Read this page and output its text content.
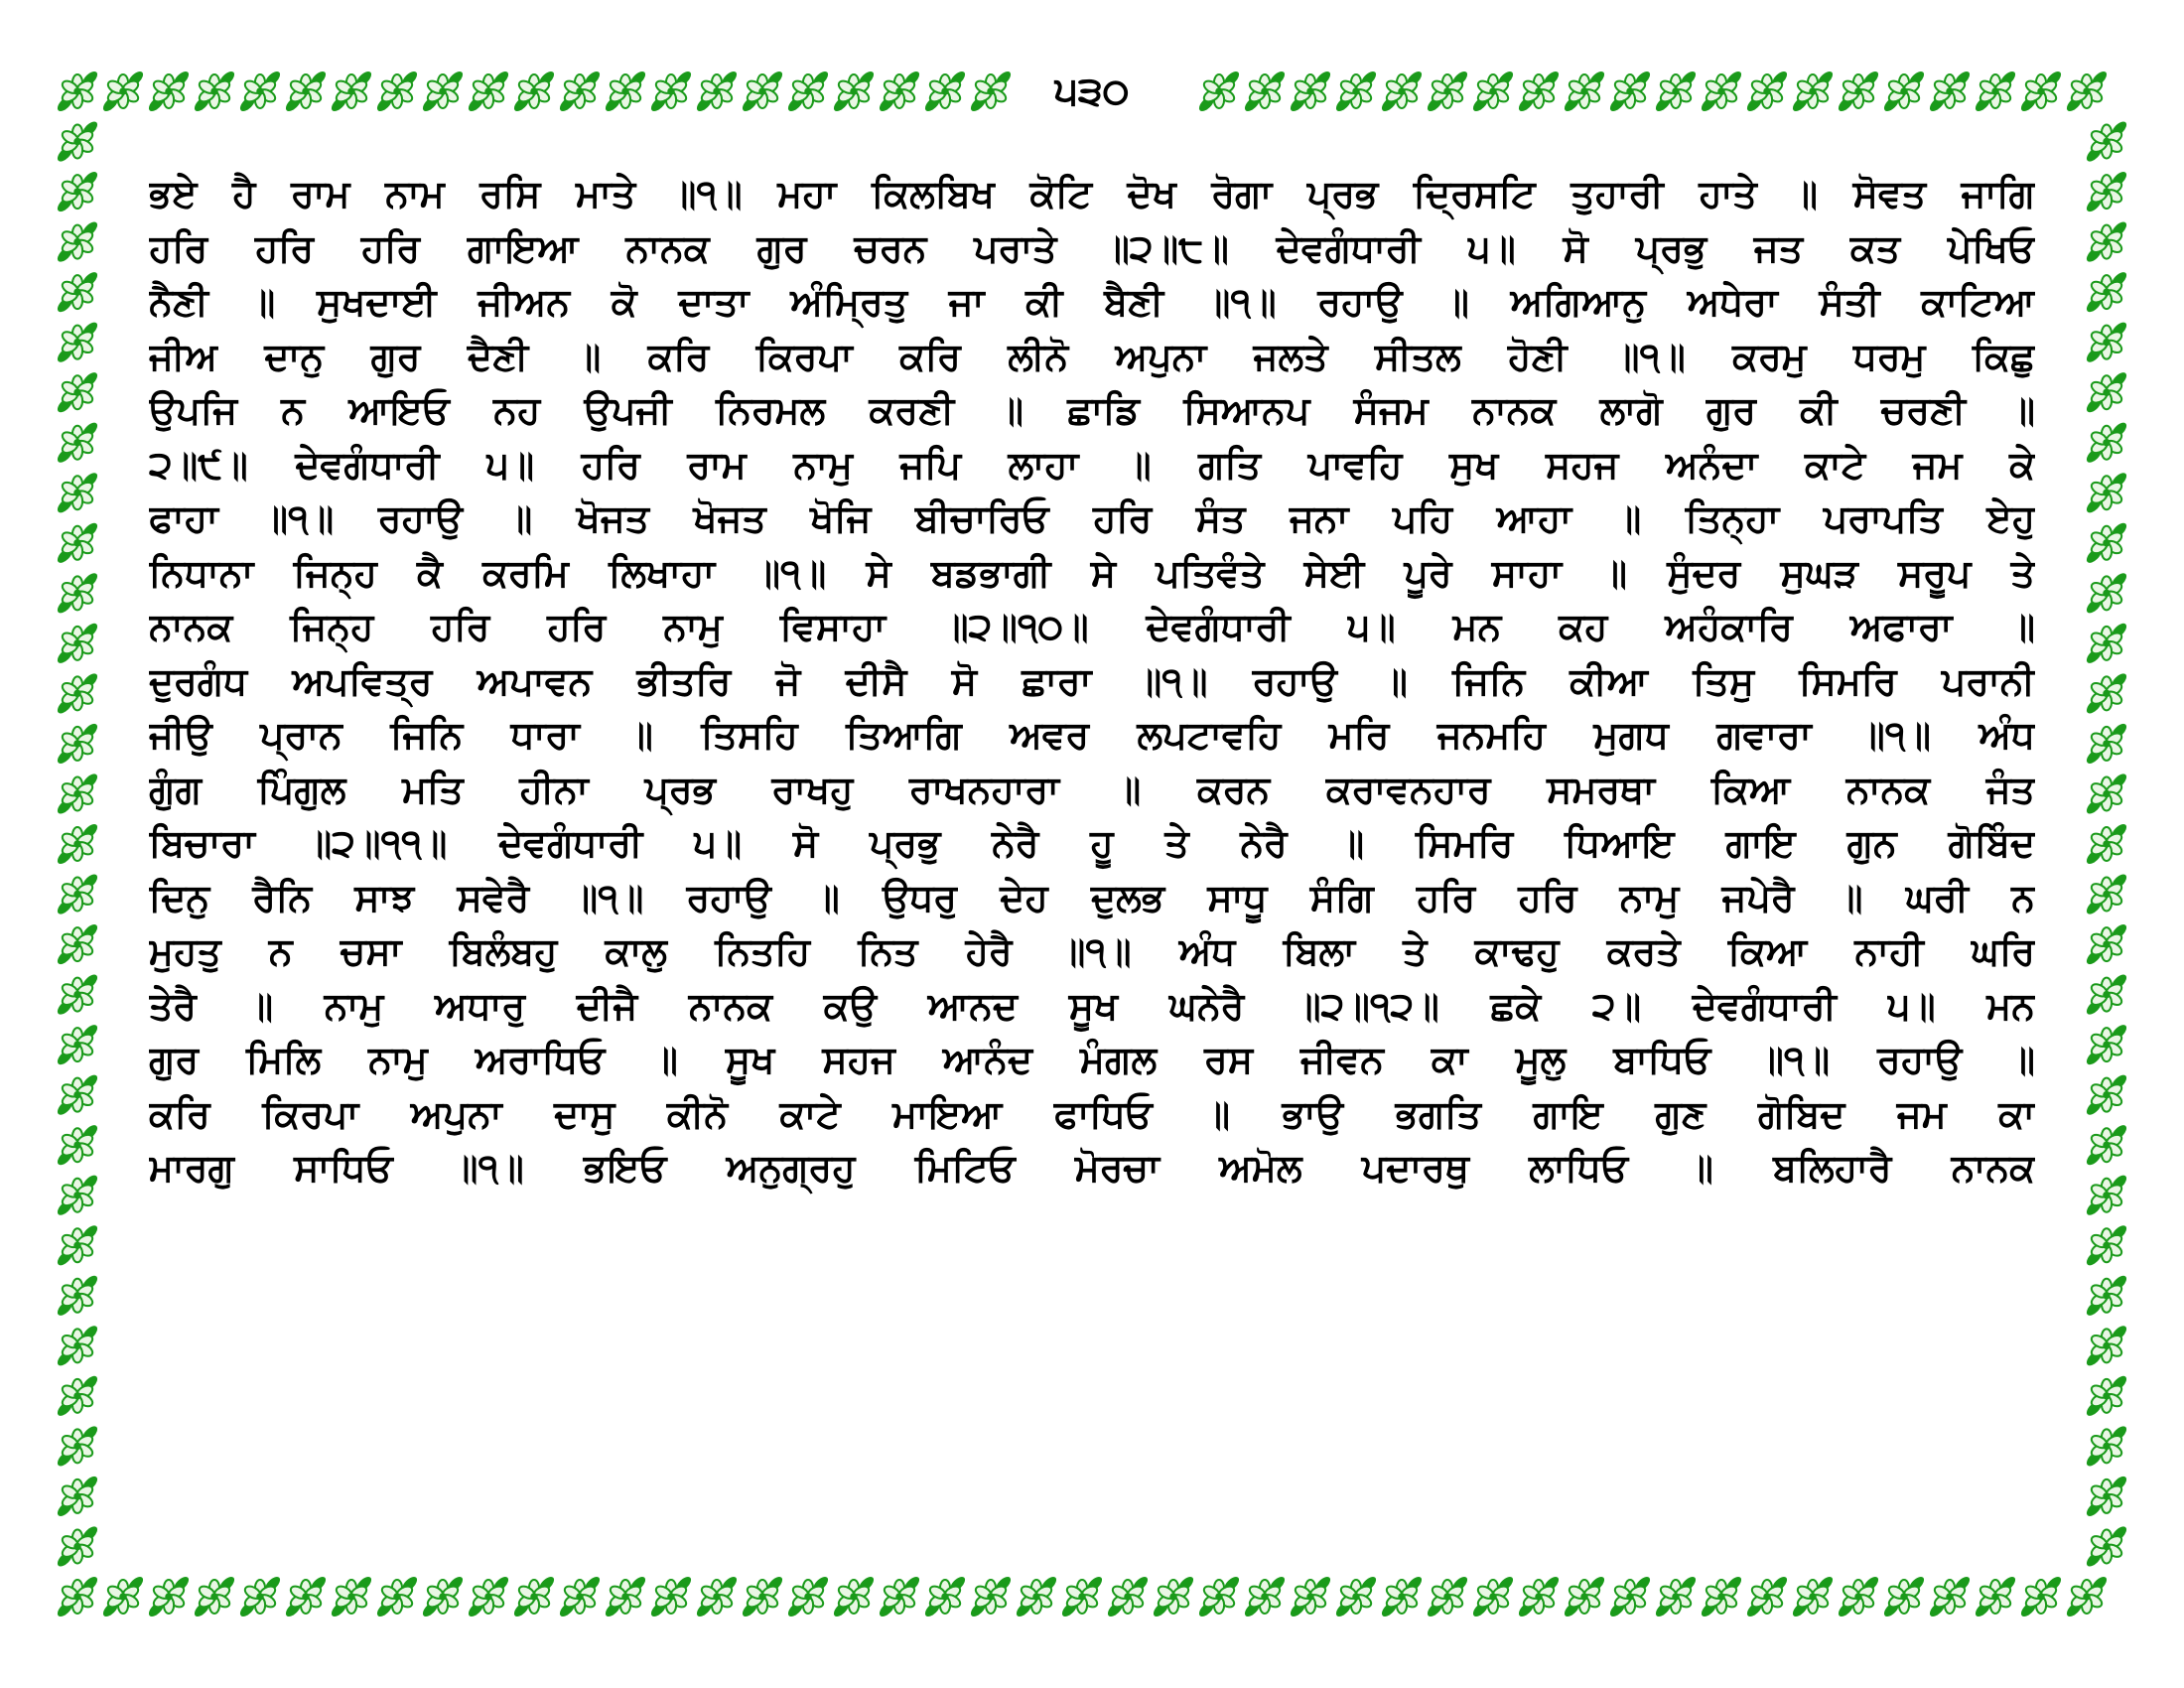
੫੩੦
ਭਏ ਹੈ ਰਾਮ ਨਾਮ ਰਸਿ ਮਾਤੇ ॥੧॥ ਮਹਾ ਕਿਲਬਿਖ ਕੋਟਿ ਦੋਖ ਰੋਗਾ ਪ੍ਰਭ ਦ੍ਰਿਸਟਿ ਤੁਹਾਰੀ ਹਾਤੇ ॥ ਸੋਵਤ ਜਾਗਿ
ਹਰਿ ਹਰਿ ਹਰਿ ਗਾਇਆ ਨਾਨਕ ਗੁਰ ਚਰਨ ਪਰਾਤੇ ॥੨॥੮॥ ਦੇਵਗੰਧਾਰੀ ੫॥ ਸੋ ਪ੍ਰਭੁ ਜਤ ਕਤ ਪੇਖਿਓ
ਨੈਣੀ ॥ ਸੁਖਦਾਈ ਜੀਅਨ ਕੋ ਦਾਤਾ ਅੰਮ੍ਰਿਤੁ ਜਾ ਕੀ ਬੈਣੀ ॥੧॥ ਰਹਾਉ ॥ ਅਗਿਆਨੁ ਅਧੇਰਾ ਸੰਤੀ ਕਾਟਿਆ
ਜੀਅ ਦਾਨੁ ਗੁਰ ਦੈਣੀ ॥ ਕਰਿ ਕਿਰਪਾ ਕਰਿ ਲੀਨੋ ਅਪੁਨਾ ਜਲਤੇ ਸੀਤਲ ਹੋਣੀ ॥੧॥ ਕਰਮੁ ਧਰਮੁ ਕਿਛੁ
ਉਪਜਿ ਨ ਆਇਓ ਨਹ ਉਪਜੀ ਨਿਰਮਲ ਕਰਣੀ ॥ ਛਾਡਿ ਸਿਆਨਪ ਸੰਜਮ ਨਾਨਕ ਲਾਗੋ ਗੁਰ ਕੀ ਚਰਣੀ ॥
੨॥੯॥ ਦੇਵਗੰਧਾਰੀ ੫॥ ਹਰਿ ਰਾਮ ਨਾਮੁ ਜਪਿ ਲਾਹਾ ॥ ਗਤਿ ਪਾਵਹਿ ਸੁਖ ਸਹਜ ਅਨੰਦਾ ਕਾਟੇ ਜਮ ਕੇ
ਫਾਹਾ ॥੧॥ ਰਹਾਉ ॥ ਖੋਜਤ ਖੋਜਤ ਖੋਜਿ ਬੀਚਾਰਿਓ ਹਰਿ ਸੰਤ ਜਨਾ ਪਹਿ ਆਹਾ ॥ ਤਿਨ੍ਹਾ ਪਰਾਪਤਿ ਏਹੁ
ਨਿਧਾਨਾ ਜਿਨ੍ਹ ਕੈ ਕਰਮਿ ਲਿਖਾਹਾ ॥੧॥ ਸੇ ਬਡਭਾਗੀ ਸੇ ਪਤਿਵੰਤੇ ਸੇਈ ਪੂਰੇ ਸਾਹਾ ॥ ਸੁੰਦਰ ਸੁਘੜ ਸਰੂਪ ਤੇ
ਨਾਨਕ ਜਿਨ੍ਹ ਹਰਿ ਹਰਿ ਨਾਮੁ ਵਿਸਾਹਾ ॥੨॥੧੦॥ ਦੇਵਗੰਧਾਰੀ ੫॥ ਮਨ ਕਹ ਅਹੰਕਾਰਿ ਅਫਾਰਾ ॥
ਦੁਰਗੰਧ ਅਪਵਿਤ੍ਰ ਅਪਾਵਨ ਭੀਤਰਿ ਜੋ ਦੀਸੈ ਸੋ ਛਾਰਾ ॥੧॥ ਰਹਾਉ ॥ ਜਿਨਿ ਕੀਆ ਤਿਸੁ ਸਿਮਰਿ ਪਰਾਨੀ
ਜੀਉ ਪ੍ਰਾਨ ਜਿਨਿ ਧਾਰਾ ॥ ਤਿਸਹਿ ਤਿਆਗਿ ਅਵਰ ਲਪਟਾਵਹਿ ਮਰਿ ਜਨਮਹਿ ਮੁਗਧ ਗਵਾਰਾ ॥੧॥ ਅੰਧ
ਗੁੰਗ ਪਿੰਗੁਲ ਮਤਿ ਹੀਨਾ ਪ੍ਰਭ ਰਾਖਹੁ ਰਾਖਨਹਾਰਾ ॥ ਕਰਨ ਕਰਾਵਨਹਾਰ ਸਮਰਥਾ ਕਿਆ ਨਾਨਕ ਜੰਤ
ਬਿਚਾਰਾ ॥੨॥੧੧॥ ਦੇਵਗੰਧਾਰੀ ੫॥ ਸੋ ਪ੍ਰਭੁ ਨੇਰੈ ਹੂ ਤੇ ਨੇਰੈ ॥ ਸਿਮਰਿ ਧਿਆਇ ਗਾਇ ਗੁਨ ਗੋਬਿੰਦ
ਦਿਨੁ ਰੈਨਿ ਸਾਝ ਸਵੇਰੈ ॥੧॥ ਰਹਾਉ ॥ ਉਧਰੁ ਦੇਹ ਦੁਲਭ ਸਾਧੂ ਸੰਗਿ ਹਰਿ ਹਰਿ ਨਾਮੁ ਜਪੇਰੈ ॥ ਘਰੀ ਨ
ਮੁਹਤੁ ਨ ਚਸਾ ਬਿਲੰਬਹੁ ਕਾਲੁ ਨਿਤਹਿ ਨਿਤ ਹੇਰੈ ॥੧॥ ਅੰਧ ਬਿਲਾ ਤੇ ਕਾਢਹੁ ਕਰਤੇ ਕਿਆ ਨਾਹੀ ਘਰਿ
ਤੇਰੈ ॥ ਨਾਮੁ ਅਧਾਰੁ ਦੀਜੈ ਨਾਨਕ ਕਉ ਆਨਦ ਸੂਖ ਘਨੇਰੈ ॥੨॥੧੨॥ ਛਕੇ ੨॥ ਦੇਵਗੰਧਾਰੀ ੫॥ ਮਨ
ਗੁਰ ਮਿਲਿ ਨਾਮੁ ਅਰਾਧਿਓ ॥ ਸੂਖ ਸਹਜ ਆਨੰਦ ਮੰਗਲ ਰਸ ਜੀਵਨ ਕਾ ਮੂਲੁ ਬਾਧਿਓ ॥੧॥ ਰਹਾਉ ॥
ਕਰਿ ਕਿਰਪਾ ਅਪੁਨਾ ਦਾਸੁ ਕੀਨੋ ਕਾਟੇ ਮਾਇਆ ਫਾਧਿਓ ॥ ਭਾਉ ਭਗਤਿ ਗਾਇ ਗੁਣ ਗੋਬਿਦ ਜਮ ਕਾ
ਮਾਰਗੁ ਸਾਧਿਓ ॥੧॥ ਭਇਓ ਅਨੁਗ੍ਰਹੁ ਮਿਟਿਓ ਮੋਰਚਾ ਅਮੋਲ ਪਦਾਰਥੁ ਲਾਧਿਓ ॥ ਬਲਿਹਾਰੈ ਨਾਨਕ
